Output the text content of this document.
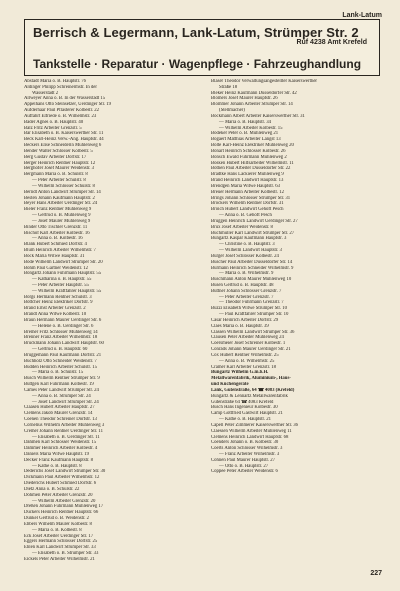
Lank-Latum
Berrisch & Legermann, Lank-Latum, Strümper Str. 2
Ruf 4238 Amt Krefeld
Tankstelle · Reparatur · Wagenpflege · Fahrzeughandlung
Abstadt Maria o. B. Hauptstr. 76
Aldinger Philipp Schreinermstr. In der
Wasserstadt 2
Allweyer Anna o. B. In der Wasserstadt 15
Appelhans Otto Steinsetzer, Uerdinger Str. 19
Aufderhaar Paul Pflasterer Kolbestr. 22
Auffahrt Elfriede o. B. Wilhelmstr. 23
Bader Agnes o. B. Hauptstr. 40
Balz Fritz Arbeiter Grenzstr. 5
Bär Elisabeth o. B. Kaiserswerther Str. 11
Beck Karl-Heinz Verw.-Ang. Hauptstr. 44
Beckers Elise Schneiderin Mühlenweg 6
Bender Walter Schlosser Kolbestr. 5
Berg Gustav Arbeiter Dorfstr. 17
Berger Heinrich Rentner Hauptstr. 12
Berghofer Josef Maurer Weidenstr. 3
Bergmann Maria o. B. Schulstr. 8
— Peter Arbeiter Schulstr. 8
— Wilhelm Schlosser Schulstr. 8
Berndt Anton Landwirt Strümper Str. 14
Besten Johann Kaufmann Hauptstr. 2
Beyer Hans Arbeiter Uerdinger Str. 24
Bieler Franz Rentner Mühlenweg 9
— Gertrud o. B. Mühlenweg 9
— Josef Maurer Mühlenweg 9
Binder Otto Tischler Grenzstr. 11
Bischof Karl Arbeiter Kolbestr. 16
— Anna o. B. Kolbestr. 16
Blank Hubert Schmied Dorfstr. 4
Blum Heinrich Arbeiter Wilhelmstr. 7
Bock Maria Witwe Hauptstr. 31
Bode Wilhelm Landwirt Strümper Str. 20
Böhm Paul Gärtner Weidenstr. 12
Bongartz Johann Fuhrmann Hauptstr. 55
— Katharina o. B. Hauptstr. 55
— Peter Arbeiter Hauptstr. 55
— Wilhelm Kraftfahrer Hauptstr. 55
Borgs Hermann Rentner Schulstr. 3
Böttcher Heinz Elektriker Dorfstr. 9
Brand Ernst Arbeiter Grenzstr. 2
Brandt Anna Witwe Kolbestr. 10
Braun Hermann Maurer Uerdinger Str. 6
— Helene o. B. Uerdinger Str. 6
Bremer Fritz Schlosser Mühlenweg 14
Brenner Franz Arbeiter Wilhelmstr. 18
Bruckmann Johann Landwirt Hauptstr. 60
— Gertrud o. B. Hauptstr. 60
Brüggemann Paul Kaufmann Dorfstr. 21
Buchholz Otto Schneider Weidenstr. 7
Büdden Heinrich Arbeiter Schulstr. 15
— Maria o. B. Schulstr. 15
Busch Wilhelm Rentner Strümper Str. 9
Büttgen Karl Fuhrmann Kolbestr. 19
Cames Peter Landwirt Strümper Str. 24
— Anna o. B. Strümper Str. 24
— Josef Landwirt Strümper Str. 24
Claasen Hubert Arbeiter Hauptstr. 27
Clemens Jakob Maurer Grenzstr. 14
Coenen Theodor Schreiner Dorfstr. 13
Cornelius Wilhelm Arbeiter Mühlenweg 3
Cremer Johann Rentner Uerdinger Str. 11
— Elisabeth o. B. Uerdinger Str. 11
Dahmen Karl Schlosser Weidenstr. 15
Dammer Heinrich Arbeiter Kolbestr. 4
Daniels Maria Witwe Hauptstr. 19
Decker Franz Kaufmann Hauptstr. 8
— Käthe o. B. Hauptstr. 8
Dederichs Josef Landwirt Strümper Str. 30
Dickmann Paul Arbeiter Wilhelmstr. 12
Diederichs Hubert Schmied Dorfstr. 6
Dietz Anna o. B. Schulstr. 22
Dohmen Peter Arbeiter Grenzstr. 20
— Wilhelm Arbeiter Grenzstr. 20
Dreßen Johann Fuhrmann Mühlenweg 17
Dückers Heinrich Rentner Hauptstr. 66
Dunkel Gertrud o. B. Weidenstr. 2
Ebbers Wilhelm Maurer Kolbestr. 8
— Maria o. B. Kolbestr. 8
Eck Josef Arbeiter Uerdinger Str. 17
Eggers Hermann Schlosser Dorfstr. 25
Ehlen Karl Landwirt Strümper Str. 33
— Elisabeth o. B. Strümper Str. 33
Eickels Peter Arbeiter Wilhelmstr. 21
Bläser Theodor Verwaltungsangestellter Kaiserswerther
Straße 18
Bleker Heinz Kaufmann Düsseldorfer Str. 42
Blömers Josef Maurer Hauptstr. 26
Blommer Johann Arbeiter Strümper Str. 14
(Stellmacher)
Böckmann Albert Arbeiter Kaiserswerther Str. 31
— Maria o. B. Hauptstr. 34
— Wilhelm Arbeiter Kolbestr. 15
Bödeker Peter o. B. Mühlenweg 21
Bogaert Matthias Arbeiter Langst 13
Bolte Karl-Heinz Elektriker Mühlenweg 20
Bonart Heinrich Schlosser Kolbestr. 26
Bönsch Ewald Fuhrmann Mühlenweg 2
Bösken Hubert Hilfsarbeiter Wilhelmstr. 11
Bothen Paul Arbeiter Düsseldorfer Str. 22
Bradtke Hans Lackierer Mühlenweg 9
Brand Heinrich Landwirt Hauptstr. 13
Brendgen Maria Witwe Hauptstr. 63
Breuer Hermann Arbeiter Kolbestr. 12
Brings Johann Schlosser Strümper Str. 31
Brockers Wilhelm Rentner Dorfstr. 31
Broich Hubert Landwirt Gehöft Pesch
— Anna o. B. Gehöft Pesch
Brüggen Heinrich Landwirt Uerdinger Str. 27
Brüx Josef Arbeiter Weidenstr. 8
Buchmüller Karl Landwirt Strümper Str. 27
Bungartz Kaspar Kaufmann Hauptstr. 3
— Christine o. B. Hauptstr. 3
— Wilhelm Landwirt Hauptstr. 3
Bürger Josef Schlosser Kolbestr. 24
Buscher Paul Arbeiter Düsseldorfer Str. 14
Bürmann Heinrich Schneider Wilhelmstr. 9
— Maria o. B. Wilhelmstr. 9
Buschmann Anton Maurer Mühlenweg 10
Busen Gertrud o. B. Hauptstr. 48
Büttner Johann Schlosser Grenzstr. 7
— Peter Arbeiter Grenzstr. 7
— Theodor Fuhrmann Grenzstr. 7
Buzzi Elisabeth Witwe Strümper Str. 10
— Paul Kraftfahrer Strümper Str. 10
Cäsar Heinrich Arbeiter Dorfstr. 29
Claes Maria o. B. Hauptstr. 39
Classen Wilhelm Landwirt Strümper Str. 36
Clausen Peter Arbeiter Mühlenweg 24
Coersmeier Josef Schreiner Kolbestr. 1
Conrads Johann Maurer Uerdinger Str. 21
Cox Hubert Rentner Wilhelmstr. 25
— Anna o. B. Wilhelmstr. 25
Cramer Karl Arbeiter Grenzstr. 18
Bungartz Wilhelm G.m.b.H.
Metallwarenfabrik, Aluminium-, Haus-
und Küchengeräte
Lank, Gutenstraße, 64 ☎ 4083 (Krefeld)
Bungartz & Lennartz Metallwarenfabrik
Gutenstraße 64 ☎ 4083 Krefeld
Busch Hans Ingenieur Kolbestr. 30
Camp Gottfried Gastwirt Hauptstr. 21
— Käthe o. B. Hauptstr. 21
Capell Peter Zimmerer Kaiserswerther Str. 36
Claessen Wilhelm Arbeiter Mühlenweg 11
Clemens Heinrich Landwirt Hauptstr. 68
Coenders Johann o. B. Kolbestr. 30
Coerts Anton Schlosser Wilhelmstr. 3
— Franz Arbeiter Wilhelmstr. 3
Cohnen Paul Maurer Hauptstr. 27
— Otto o. B. Hauptstr. 27
Coppée Peter Arbeiter Weidenstr. 6
227
